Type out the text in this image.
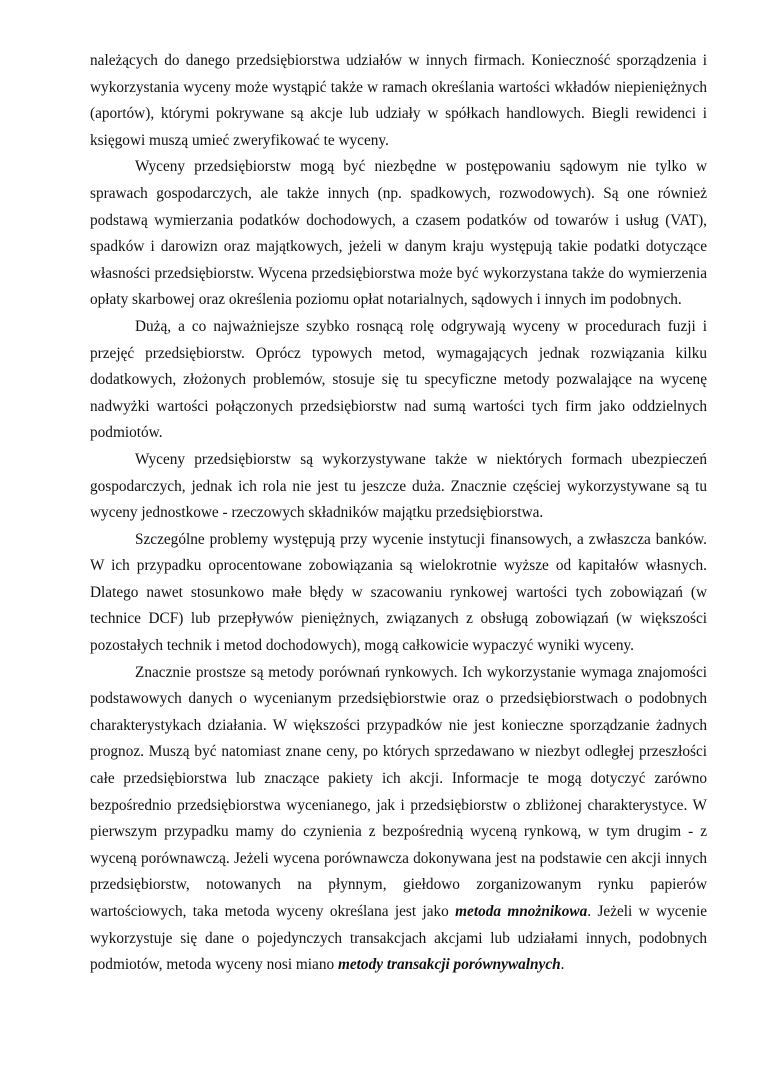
należących do danego przedsiębiorstwa udziałów w innych firmach. Konieczność sporządzenia i wykorzystania wyceny może wystąpić także w ramach określania wartości wkładów niepieniężnych (aportów), którymi pokrywane są akcje lub udziały w spółkach handlowych. Biegli rewidenci i księgowi muszą umieć zweryfikować te wyceny.

Wyceny przedsiębiorstw mogą być niezbędne w postępowaniu sądowym nie tylko w sprawach gospodarczych, ale także innych (np. spadkowych, rozwodowych). Są one również podstawą wymierzania podatków dochodowych, a czasem podatków od towarów i usług (VAT), spadków i darowizn oraz majątkowych, jeżeli w danym kraju występują takie podatki dotyczące własności przedsiębiorstw. Wycena przedsiębiorstwa może być wykorzystana także do wymierzenia opłaty skarbowej oraz określenia poziomu opłat notarialnych, sądowych i innych im podobnych.

Dużą, a co najważniejsze szybko rosnącą rolę odgrywają wyceny w procedurach fuzji i przejęć przedsiębiorstw. Oprócz typowych metod, wymagających jednak rozwiązania kilku dodatkowych, złożonych problemów, stosuje się tu specyficzne metody pozwalające na wycenę nadwyżki wartości połączonych przedsiębiorstw nad sumą wartości tych firm jako oddzielnych podmiotów.

Wyceny przedsiębiorstw są wykorzystywane także w niektórych formach ubezpieczeń gospodarczych, jednak ich rola nie jest tu jeszcze duża. Znacznie częściej wykorzystywane są tu wyceny jednostkowe - rzeczowych składników majątku przedsiębiorstwa.

Szczególne problemy występują przy wycenie instytucji finansowych, a zwłaszcza banków. W ich przypadku oprocentowane zobowiązania są wielokrotnie wyższe od kapitałów własnych. Dlatego nawet stosunkowo małe błędy w szacowaniu rynkowej wartości tych zobowiązań (w technice DCF) lub przepływów pieniężnych, związanych z obsługą zobowiązań (w większości pozostałych technik i metod dochodowych), mogą całkowicie wypaczyć wyniki wyceny.

Znacznie prostsze są metody porównań rynkowych. Ich wykorzystanie wymaga znajomości podstawowych danych o wycenianym przedsiębiorstwie oraz o przedsiębiorstwach o podobnych charakterystykach działania. W większości przypadków nie jest konieczne sporządzanie żadnych prognoz. Muszą być natomiast znane ceny, po których sprzedawano w niezbyt odległej przeszłości całe przedsiębiorstwa lub znaczące pakiety ich akcji. Informacje te mogą dotyczyć zarówno bezpośrednio przedsiębiorstwa wycenianego, jak i przedsiębiorstw o zbliżonej charakterystyce. W pierwszym przypadku mamy do czynienia z bezpośrednią wyceną rynkową, w tym drugim - z wyceną porównawczą. Jeżeli wycena porównawcza dokonywana jest na podstawie cen akcji innych przedsiębiorstw, notowanych na płynnym, giełdowo zorganizowanym rynku papierów wartościowych, taka metoda wyceny określana jest jako metoda mnożnikowa. Jeżeli w wycenie wykorzystuje się dane o pojedynczych transakcjach akcjami lub udziałami innych, podobnych podmiotów, metoda wyceny nosi miano metody transakcji porównywalnych.
